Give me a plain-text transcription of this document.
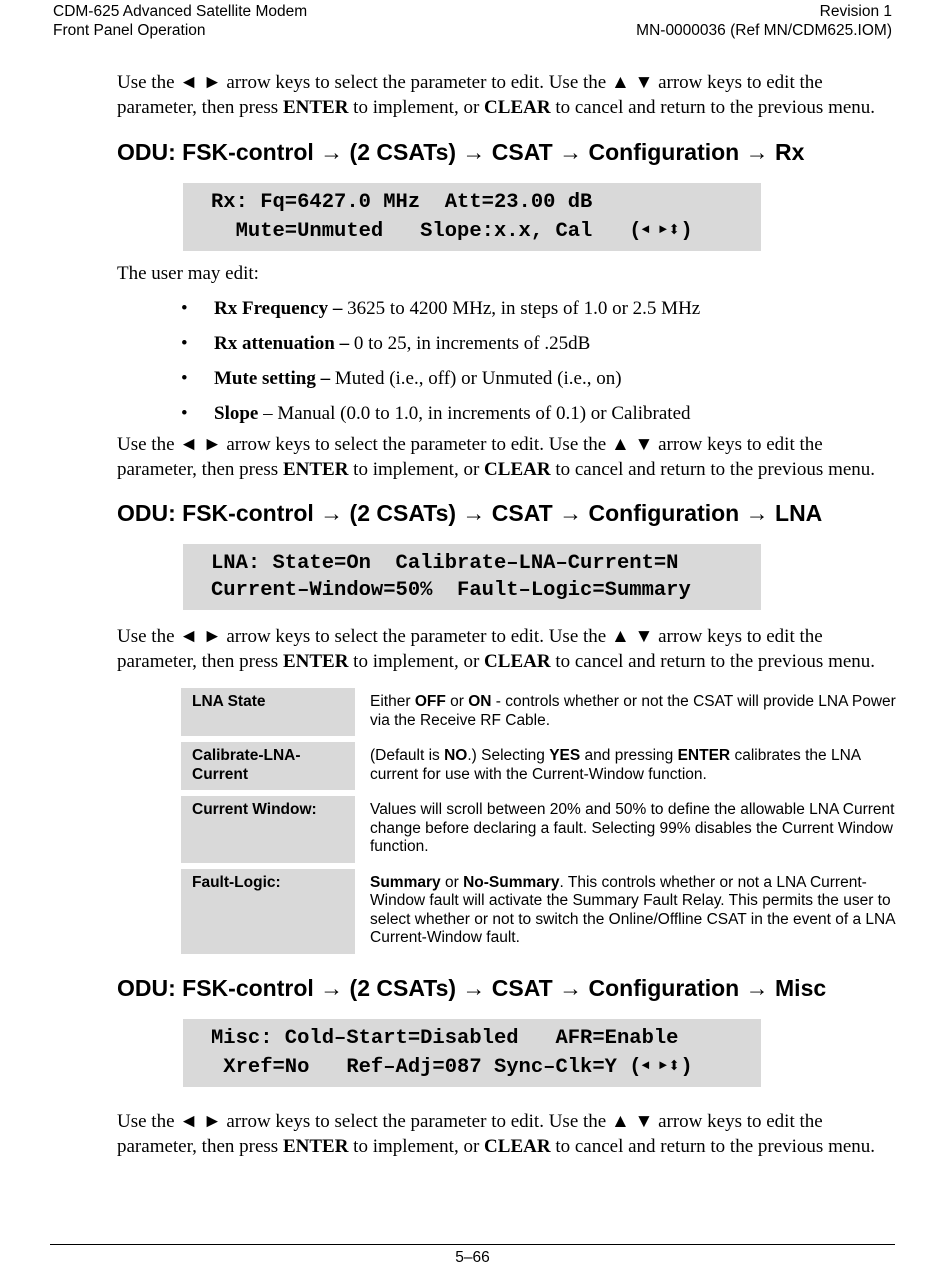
CDM-625 Advanced Satellite Modem
Front Panel Operation
Revision 1
MN-0000036 (Ref MN/CDM625.IOM)

Use the ◄ ► arrow keys to select the parameter to edit. Use the ▲ ▼ arrow keys to edit the parameter, then press ENTER to implement, or CLEAR to cancel and return to the previous menu.

ODU: FSK-control → (2 CSATs) → CSAT → Configuration → Rx
Rx: Fq=6427.0 MHz  Att=23.00 dB
Mute=Unmuted   Slope:x.x, Cal   (◄ ►⬍)

The user may edit:

• Rx Frequency – 3625 to 4200 MHz, in steps of 1.0 or 2.5 MHz
• Rx attenuation – 0 to 25, in increments of .25dB
• Mute setting – Muted (i.e., off) or Unmuted (i.e., on)
• Slope – Manual (0.0 to 1.0, in increments of 0.1) or Calibrated

Use the ◄ ► arrow keys to select the parameter to edit. Use the ▲ ▼ arrow keys to edit the parameter, then press ENTER to implement, or CLEAR to cancel and return to the previous menu.

ODU: FSK-control → (2 CSATs) → CSAT → Configuration → LNA
LNA: State=On  Calibrate–LNA–Current=N
Current–Window=50%  Fault–Logic=Summary

Use the ◄ ► arrow keys to select the parameter to edit. Use the ▲ ▼ arrow keys to edit the parameter, then press ENTER to implement, or CLEAR to cancel and return to the previous menu.

LNA State	Either OFF or ON - controls whether or not the CSAT will provide LNA Power via the Receive RF Cable.
Calibrate-LNA-Current	(Default is NO.) Selecting YES and pressing ENTER calibrates the LNA current for use with the Current-Window function.
Current Window:	Values will scroll between 20% and 50% to define the allowable LNA Current change before declaring a fault. Selecting 99% disables the Current Window function.
Fault-Logic:	Summary or No-Summary. This controls whether or not a LNA Current-Window fault will activate the Summary Fault Relay. This permits the user to select whether or not to switch the Online/Offline CSAT in the event of a LNA Current-Window fault.
ODU: FSK-control → (2 CSATs) → CSAT → Configuration → Misc
Misc: Cold–Start=Disabled   AFR=Enable
Xref=No   Ref–Adj=087 Sync–Clk=Y (◄ ►⬍)

Use the ◄ ► arrow keys to select the parameter to edit. Use the ▲ ▼ arrow keys to edit the parameter, then press ENTER to implement, or CLEAR to cancel and return to the previous menu.

5–66
